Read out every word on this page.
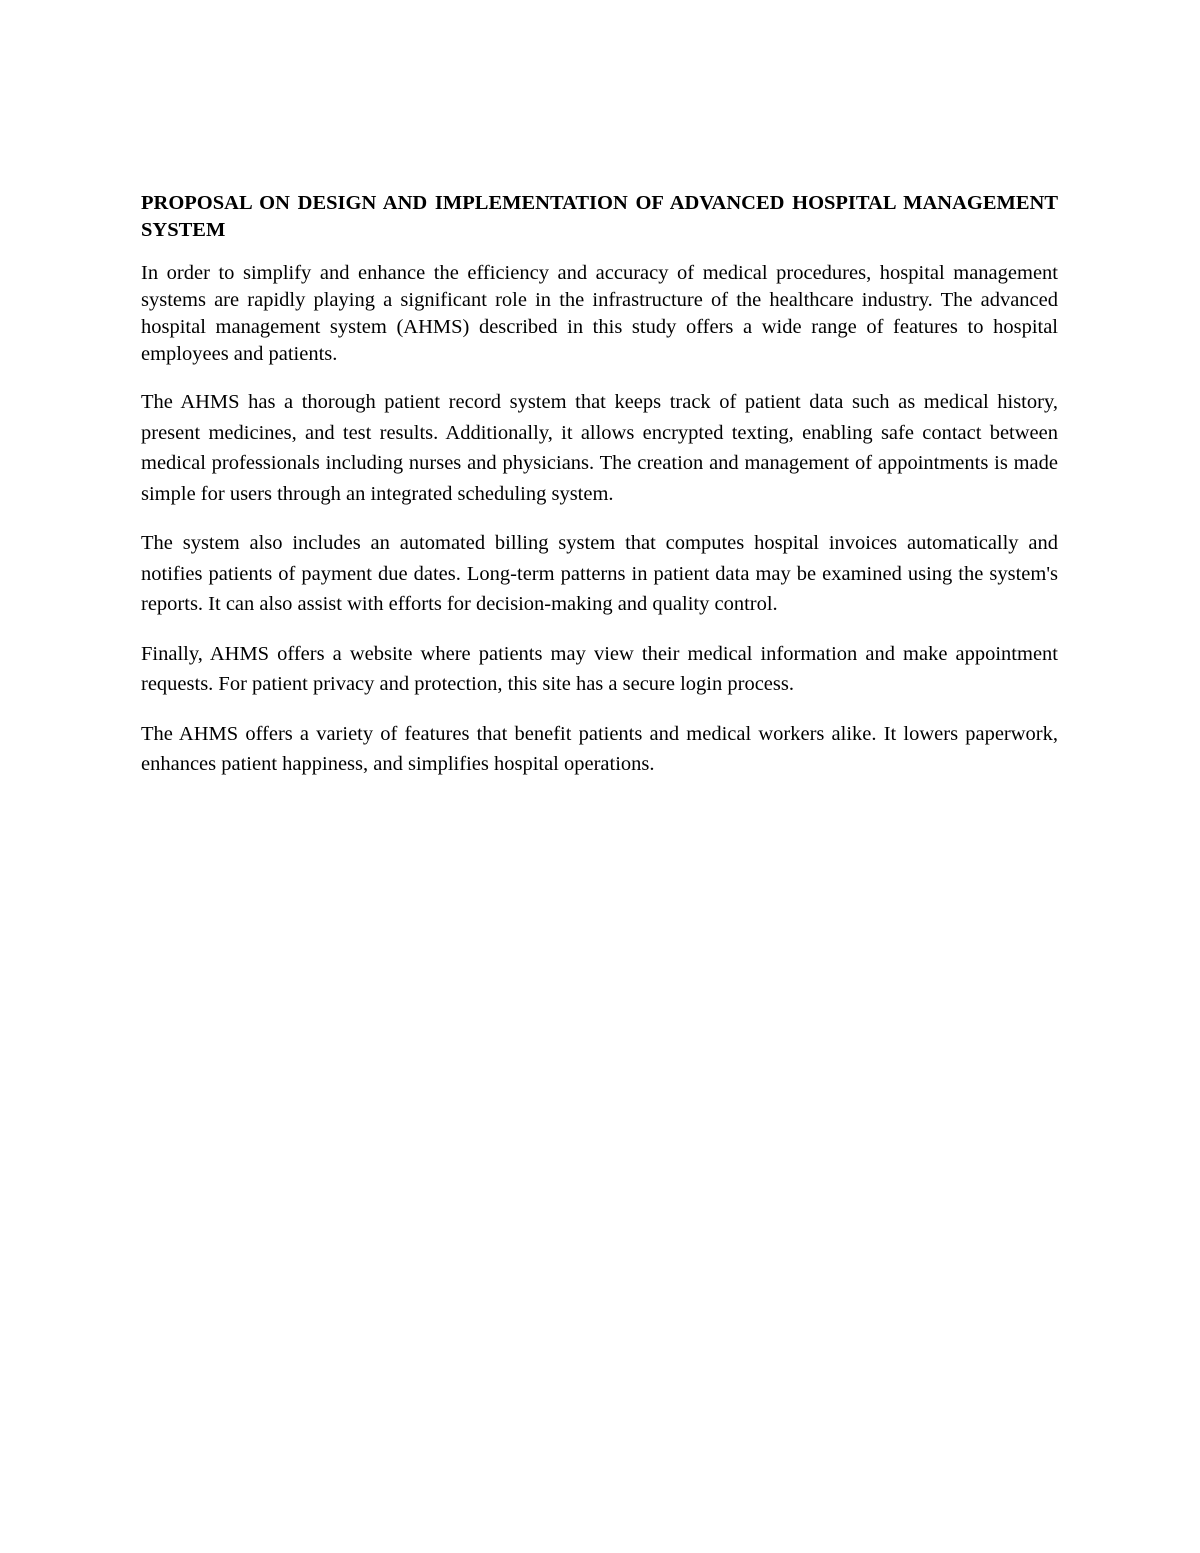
PROPOSAL ON DESIGN AND IMPLEMENTATION OF ADVANCED HOSPITAL MANAGEMENT SYSTEM

In order to simplify and enhance the efficiency and accuracy of medical procedures, hospital management systems are rapidly playing a significant role in the infrastructure of the healthcare industry. The advanced hospital management system (AHMS) described in this study offers a wide range of features to hospital employees and patients.

The AHMS has a thorough patient record system that keeps track of patient data such as medical history, present medicines, and test results. Additionally, it allows encrypted texting, enabling safe contact between medical professionals including nurses and physicians. The creation and management of appointments is made simple for users through an integrated scheduling system.

The system also includes an automated billing system that computes hospital invoices automatically and notifies patients of payment due dates. Long-term patterns in patient data may be examined using the system's reports. It can also assist with efforts for decision-making and quality control.

Finally, AHMS offers a website where patients may view their medical information and make appointment requests. For patient privacy and protection, this site has a secure login process.

The AHMS offers a variety of features that benefit patients and medical workers alike. It lowers paperwork, enhances patient happiness, and simplifies hospital operations.
